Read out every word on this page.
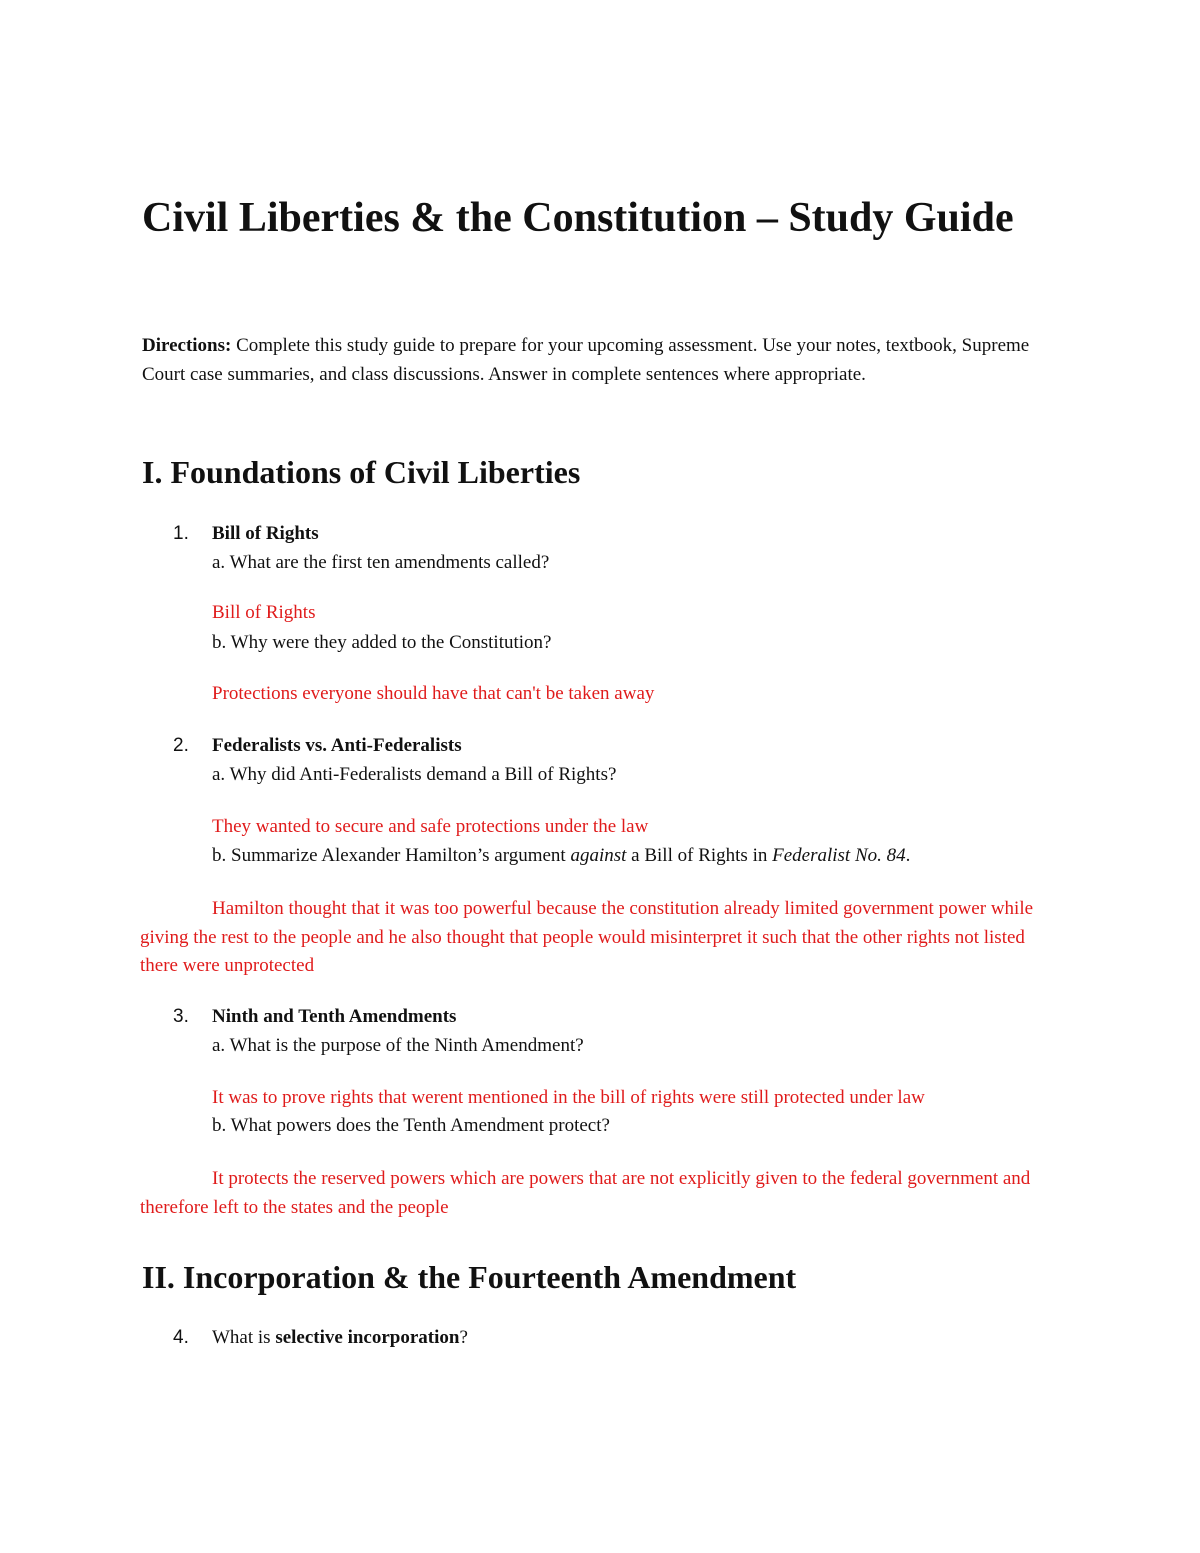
Civil Liberties & the Constitution – Study Guide

Directions: Complete this study guide to prepare for your upcoming assessment. Use your notes, textbook, Supreme Court case summaries, and class discussions. Answer in complete sentences where appropriate.

I. Foundations of Civil Liberties
1. Bill of Rights
a. What are the first ten amendments called?
Bill of Rights
b. Why were they added to the Constitution?
Protections everyone should have that can't be taken away
2. Federalists vs. Anti-Federalists
a. Why did Anti-Federalists demand a Bill of Rights?
They wanted to secure and safe protections under the law
b. Summarize Alexander Hamilton’s argument against a Bill of Rights in Federalist No. 84.

Hamilton thought that it was too powerful because the constitution already limited government power while giving the rest to the people and he also thought that people would misinterpret it such that the other rights not listed there were unprotected

3. Ninth and Tenth Amendments
a. What is the purpose of the Ninth Amendment?
It was to prove rights that werent mentioned in the bill of rights were still protected under law
b. What powers does the Tenth Amendment protect?

It protects the reserved powers which are powers that are not explicitly given to the federal government and therefore left to the states and the people

II. Incorporation & the Fourteenth Amendment
4. What is selective incorporation?
